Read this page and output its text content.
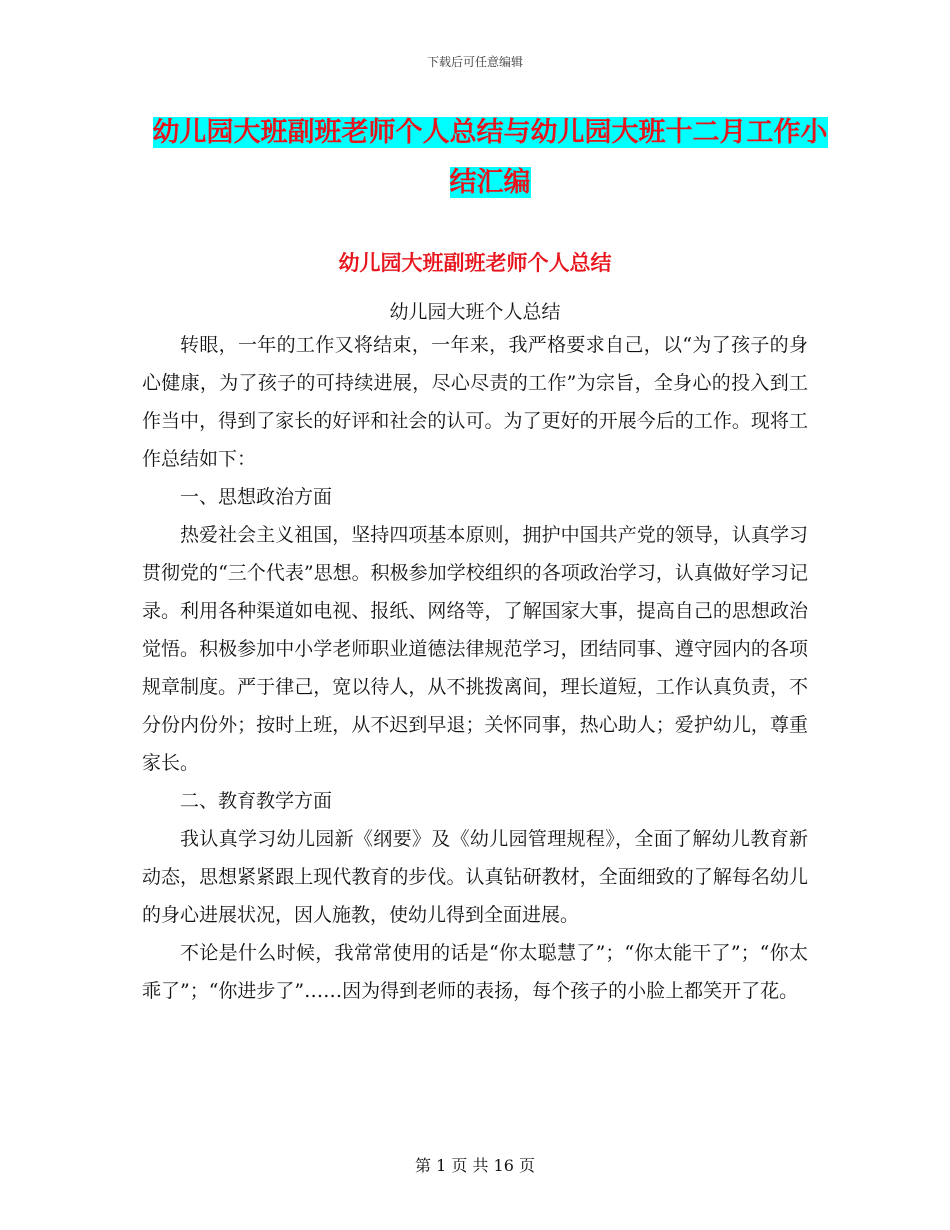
下载后可任意编辑
幼儿园大班副班老师个人总结与幼儿园大班十二月工作小结汇编
幼儿园大班副班老师个人总结
幼儿园大班个人总结

转眼，一年的工作又将结束，一年来，我严格要求自己，以“为了孩子的身心健康，为了孩子的可持续进展，尽心尽责的工作”为宗旨，全身心的投入到工作当中，得到了家长的好评和社会的认可。为了更好的开展今后的工作。现将工作总结如下：

一、思想政治方面

热爱社会主义祖国，坚持四项基本原则，拥护中国共产党的领导，认真学习贯彻党的“三个代表”思想。积极参加学校组织的各项政治学习，认真做好学习记录。利用各种渠道如电视、报纸、网络等，了解国家大事，提高自己的思想政治觉悟。积极参加中小学老师职业道德法律规范学习，团结同事、遵守园内的各项规章制度。严于律己，宽以待人，从不挑拨离间，理长道短，工作认真负责，不分份内份外；按时上班，从不迟到早退；关怀同事，热心助人；爱护幼儿，尊重家长。

二、教育教学方面

我认真学习幼儿园新《纲要》及《幼儿园管理规程》，全面了解幼儿教育新动态，思想紧紧跟上现代教育的步伐。认真钻研教材，全面细致的了解每名幼儿的身心进展状况，因人施教，使幼儿得到全面进展。

不论是什么时候，我常常使用的话是“你太聪慧了”；“你太能干了”；“你太乖了”；“你进步了”……因为得到老师的表扬，每个孩子的小脸上都笑开了花。

第 1 页 共 16 页
